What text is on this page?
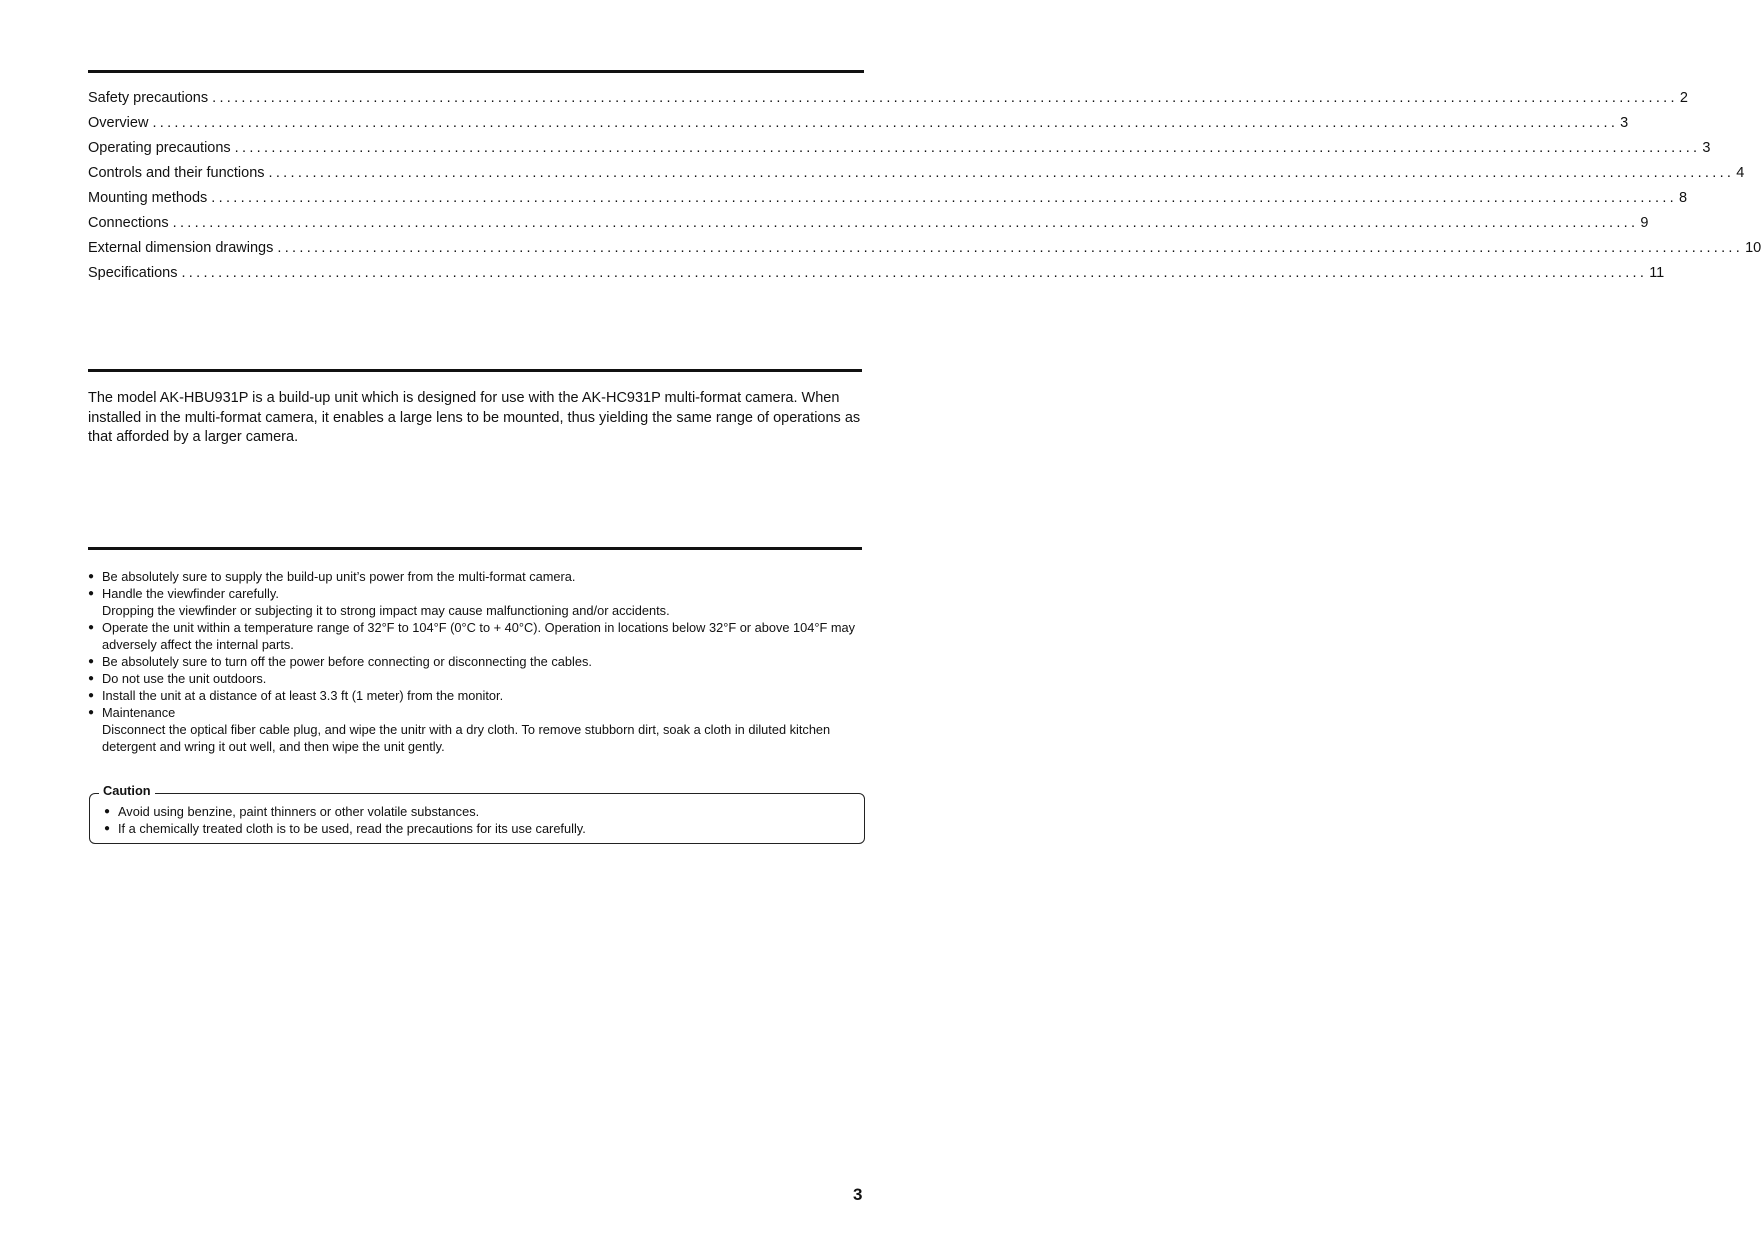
Safety precautions ........................................................................................................................................................................................................ 2
Overview ........................................................................................................................................................................................................ 3
Operating precautions ........................................................................................................................................................................................................ 3
Controls and their functions ........................................................................................................................................................................................................ 4
Mounting methods ........................................................................................................................................................................................................ 8
Connections ........................................................................................................................................................................................................ 9
External dimension drawings ........................................................................................................................................................................................................ 10
Specifications ........................................................................................................................................................................................................ 11

The model AK-HBU931P is a build-up unit which is designed for use with the AK-HC931P multi-format camera. When installed in the multi-format camera, it enables a large lens to be mounted, thus yielding the same range of operations as that afforded by a larger camera.

● Be absolutely sure to supply the build-up unit’s power from the multi-format camera.
● Handle the viewfinder carefully.
Dropping the viewfinder or subjecting it to strong impact may cause malfunctioning and/or accidents.
● Operate the unit within a temperature range of 32°F to 104°F (0°C to + 40°C). Operation in locations below 32°F or above 104°F may adversely affect the internal parts.
● Be absolutely sure to turn off the power before connecting or disconnecting the cables.
● Do not use the unit outdoors.
● Install the unit at a distance of at least 3.3 ft (1 meter) from the monitor.
● Maintenance
Disconnect the optical fiber cable plug, and wipe the unitr with a dry cloth. To remove stubborn dirt, soak a cloth in diluted kitchen detergent and wring it out well, and then wipe the unit gently.
Caution
● Avoid using benzine, paint thinners or other volatile substances.
● If a chemically treated cloth is to be used, read the precautions for its use carefully.
3
